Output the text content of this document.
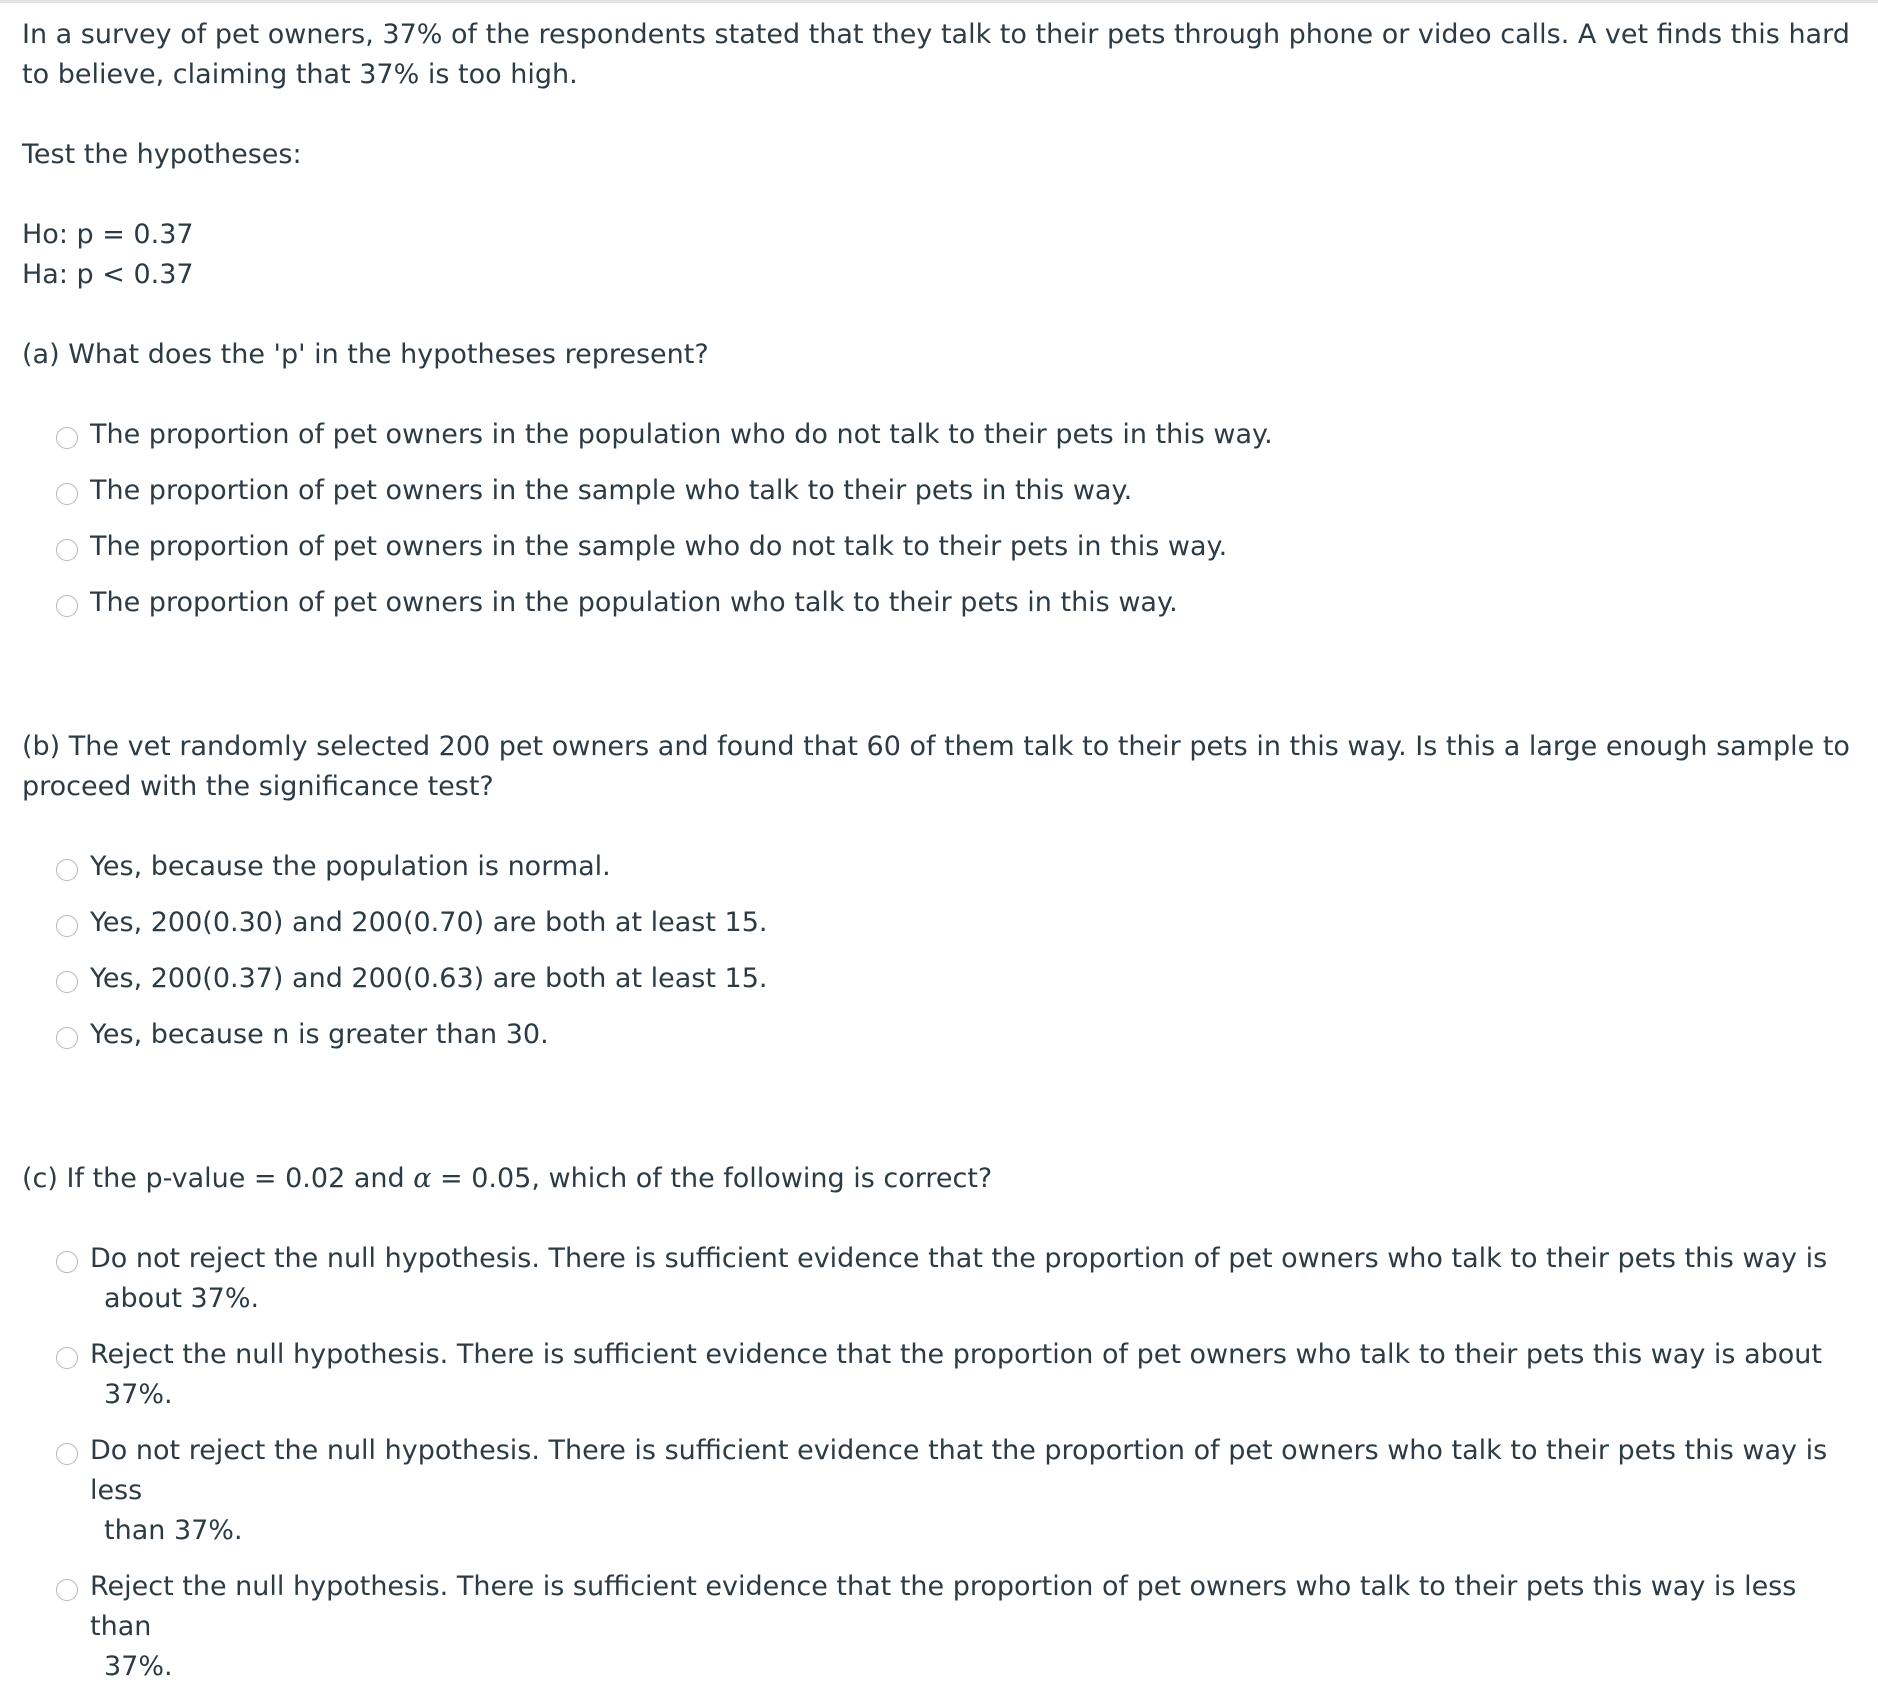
In a survey of pet owners, 37% of the respondents stated that they talk to their pets through phone or video calls. A vet finds this hard to believe, claiming that 37% is too high.

Test the hypotheses:

Ho: p = 0.37

Ha: p < 0.37

(a) What does the 'p' in the hypotheses represent?

The proportion of pet owners in the population who do not talk to their pets in this way.
The proportion of pet owners in the sample who talk to their pets in this way.
The proportion of pet owners in the sample who do not talk to their pets in this way.
The proportion of pet owners in the population who talk to their pets in this way.

(b) The vet randomly selected 200 pet owners and found that 60 of them talk to their pets in this way. Is this a large enough sample to proceed with the significance test?

Yes, because the population is normal.
Yes, 200(0.30) and 200(0.70) are both at least 15.
Yes, 200(0.37) and 200(0.63) are both at least 15.
Yes, because n is greater than 30.

(c) If the p-value = 0.02 and α = 0.05, which of the following is correct?

Do not reject the null hypothesis. There is sufficient evidence that the proportion of pet owners who talk to their pets this way is
about 37%.
Reject the null hypothesis. There is sufficient evidence that the proportion of pet owners who talk to their pets this way is about
37%.
Do not reject the null hypothesis. There is sufficient evidence that the proportion of pet owners who talk to their pets this way is less
than 37%.
Reject the null hypothesis. There is sufficient evidence that the proportion of pet owners who talk to their pets this way is less than
37%.
